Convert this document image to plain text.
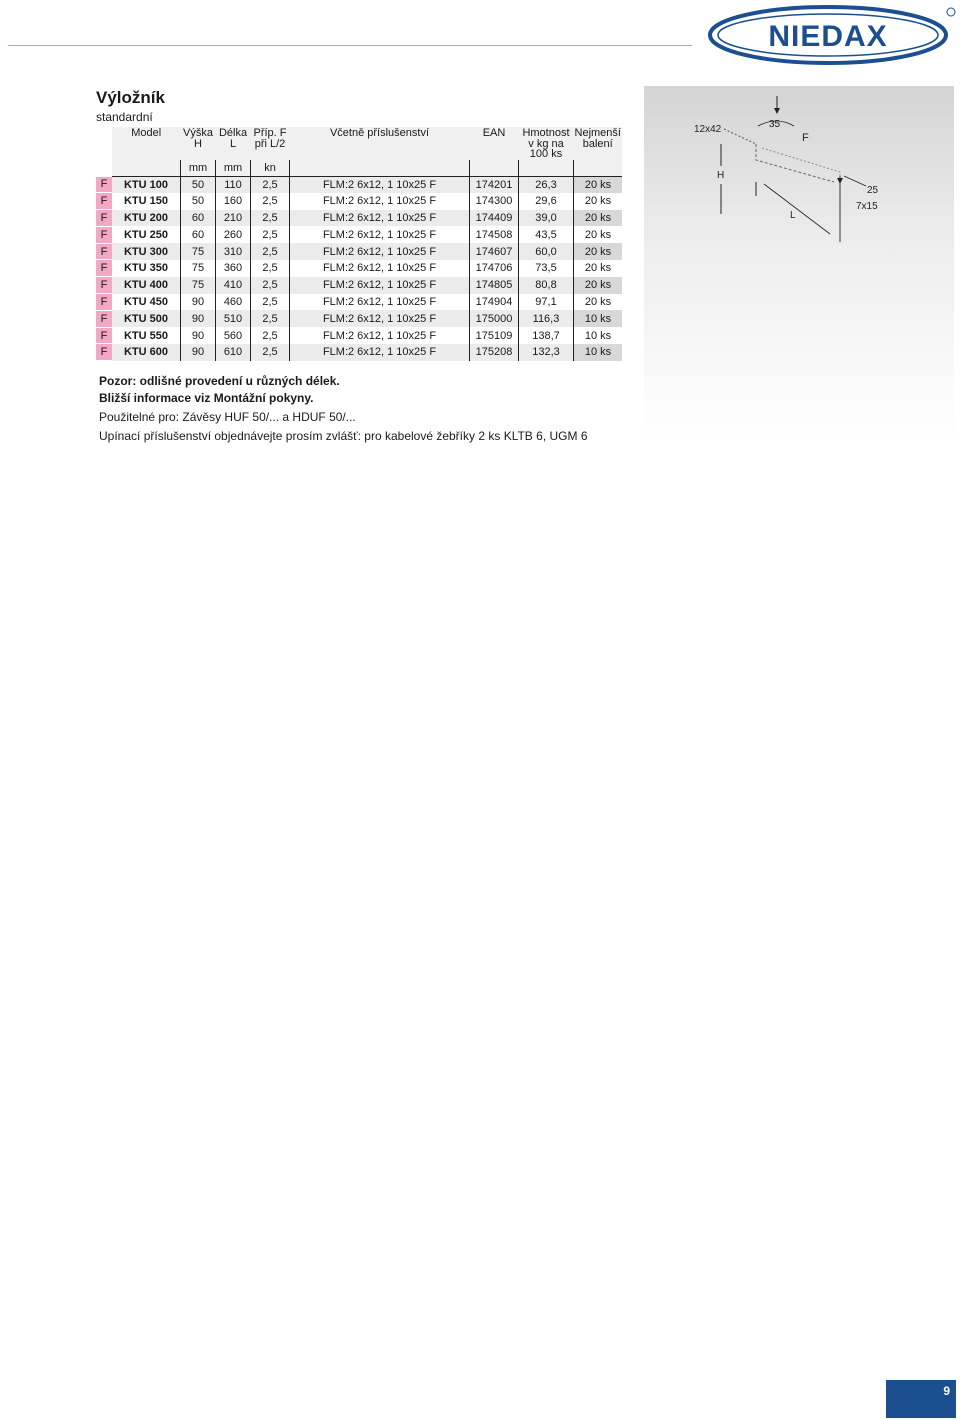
NIEDAX
Výložník
standardní
	Model	Výška H	Délka L	Příp. F při L/2	Včetně příslušenství	EAN	Hmotnost v kg na 100 ks	Nejmenší balení
		mm	mm	kn				
F	KTU 100	50	110	2,5	FLM:2 6x12, 1 10x25 F	174201	26,3	20 ks
F	KTU 150	50	160	2,5	FLM:2 6x12, 1 10x25 F	174300	29,6	20 ks
F	KTU 200	60	210	2,5	FLM:2 6x12, 1 10x25 F	174409	39,0	20 ks
F	KTU 250	60	260	2,5	FLM:2 6x12, 1 10x25 F	174508	43,5	20 ks
F	KTU 300	75	310	2,5	FLM:2 6x12, 1 10x25 F	174607	60,0	20 ks
F	KTU 350	75	360	2,5	FLM:2 6x12, 1 10x25 F	174706	73,5	20 ks
F	KTU 400	75	410	2,5	FLM:2 6x12, 1 10x25 F	174805	80,8	20 ks
F	KTU 450	90	460	2,5	FLM:2 6x12, 1 10x25 F	174904	97,1	20 ks
F	KTU 500	90	510	2,5	FLM:2 6x12, 1 10x25 F	175000	116,3	10 ks
F	KTU 550	90	560	2,5	FLM:2 6x12, 1 10x25 F	175109	138,7	10 ks
F	KTU 600	90	610	2,5	FLM:2 6x12, 1 10x25 F	175208	132,3	10 ks
Pozor: odlišné provedení u různých délek.
Bližší informace viz Montážní pokyny.
Použitelné pro: Závěsy HUF 50/... a HDUF 50/...
Upínací příslušenství objednávejte prosím zvlášť: pro kabelové žebříky 2 ks KLTB 6, UGM 6
12x42	35
F
H
L
25
7x15
9
